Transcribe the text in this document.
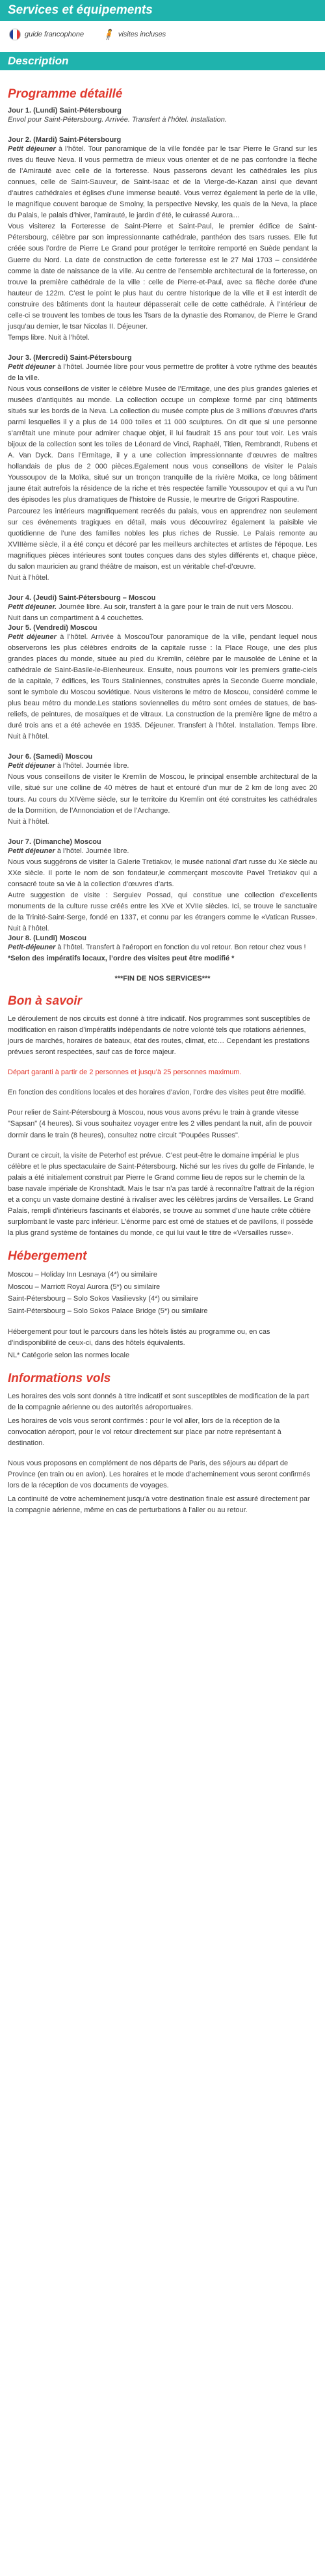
Services et équipements
guide francophone 🧍 visites incluses
Description
Programme détaillé

Jour 1. (Lundi) Saint-Pétersbourg

Envol pour Saint-Pétersbourg. Arrivée. Transfert à l’hôtel. Installation.

Jour 2. (Mardi) Saint-Pétersbourg

Petit déjeuner à l’hôtel. Tour panoramique de la ville fondée par le tsar Pierre le Grand sur les rives du fleuve Neva. Il vous permettra de mieux vous orienter et de ne pas confondre la flèche de l’Amirauté avec celle de la forteresse. Nous passerons devant les cathédrales les plus connues, celle de Saint-Sauveur, de Saint-Isaac et de la Vierge-de-Kazan ainsi que devant d’autres cathédrales et églises d’une immense beauté. Vous verrez également la perle de la ville, le magnifique couvent baroque de Smolny, la perspective Nevsky, les quais de la Neva, la place du Palais, le palais d’hiver, l’amirauté, le jardin d’été, le cuirassé Aurora…

Vous visiterez la Forteresse de Saint-Pierre et Saint-Paul, le premier édifice de Saint-Pétersbourg, célèbre par son impressionnante cathédrale, panthéon des tsars russes. Elle fut créée sous l’ordre de Pierre Le Grand pour protéger le territoire remporté en Suède pendant la Guerre du Nord. La date de construction de cette forteresse est le 27 Mai 1703 – considérée comme la date de naissance de la ville. Au centre de l’ensemble architectural de la forteresse, on trouve la première cathédrale de la ville : celle de Pierre-et-Paul, avec sa flèche dorée d’une hauteur de 122m. C’est le point le plus haut du centre historique de la ville et il est interdit de construire des bâtiments dont la hauteur dépasserait celle de cette cathédrale. À l’intérieur de celle-ci se trouvent les tombes de tous les Tsars de la dynastie des Romanov, de Pierre le Grand jusqu’au dernier, le tsar Nicolas II. Déjeuner.

Temps libre. Nuit à l’hôtel.

Jour 3. (Mercredi) Saint-Pétersbourg

Petit déjeuner à l’hôtel. Journée libre pour vous permettre de profiter à votre rythme des beautés de la ville.

Nous vous conseillons de visiter le célèbre Musée de l’Ermitage, une des plus grandes galeries et musées d’antiquités au monde. La collection occupe un complexe formé par cinq bâtiments situés sur les bords de la Neva. La collection du musée compte plus de 3 millions d’œuvres d’arts parmi lesquelles il y a plus de 14 000 toiles et 11 000 sculptures. On dit que si une personne s’arrêtait une minute pour admirer chaque objet, il lui faudrait 15 ans pour tout voir. Les vrais bijoux de la collection sont les toiles de Léonard de Vinci, Raphaël, Titien, Rembrandt, Rubens et A. Van Dyck. Dans l’Ermitage, il y a une collection impressionnante d’œuvres de maîtres hollandais de plus de 2 000 pièces.Egalement nous vous conseillons de visiter le Palais Youssoupov de la Moïka, situé sur un tronçon tranquille de la rivière Moïka, ce long bâtiment jaune était autrefois la résidence de la riche et très respectée famille Youssoupov et qui a vu l’un des épisodes les plus dramatiques de l’histoire de Russie, le meurtre de Grigori Raspoutine.

Parcourez les intérieurs magnifiquement recréés du palais, vous en apprendrez non seulement sur ces événements tragiques en détail, mais vous découvrirez également la paisible vie quotidienne de l’une des familles nobles les plus riches de Russie. Le Palais remonte au XVIIIème siècle, il a été conçu et décoré par les meilleurs architectes et artistes de l’époque. Les magnifiques pièces intérieures sont toutes conçues dans des styles différents et, chaque pièce, du salon mauricien au grand théâtre de maison, est un véritable chef-d’œuvre.

Nuit à l’hôtel.

Jour 4. (Jeudi) Saint-Pétersbourg – Moscou

Petit déjeuner. Journée libre. Au soir, transfert à la gare pour le train de nuit vers Moscou.

Nuit dans un compartiment à 4 couchettes.

Jour 5. (Vendredi) Moscou

Petit déjeuner à l’hôtel. Arrivée à MoscouTour panoramique de la ville, pendant lequel nous observerons les plus célèbres endroits de la capitale russe : la Place Rouge, une des plus grandes places du monde, située au pied du Kremlin, célèbre par le mausolée de Lénine et la cathédrale de Saint-Basile-le-Bienheureux. Ensuite, nous pourrons voir les premiers gratte-ciels de la capitale, 7 édifices, les Tours Staliniennes, construites après la Seconde Guerre mondiale, sont le symbole du Moscou soviétique. Nous visiterons le métro de Moscou, considéré comme le plus beau métro du monde.Les stations soviennelles du métro sont ornées de statues, de bas-reliefs, de peintures, de mosaïques et de vitraux. La construction de la première ligne de métro a duré trois ans et a été achevée en 1935. Déjeuner. Transfert à l’hôtel. Installation. Temps libre. Nuit à l’hôtel.

Jour 6. (Samedi) Moscou

Petit déjeuner à l’hôtel. Journée libre.

Nous vous conseillons de visiter le Kremlin de Moscou, le principal ensemble architectural de la ville, situé sur une colline de 40 mètres de haut et entouré d’un mur de 2 km de long avec 20 tours. Au cours du XIVème siècle, sur le territoire du Kremlin ont été construites les cathédrales de la Dormition, de l’Annonciation et de l’Archange.

Nuit à l’hôtel.

Jour 7. (Dimanche) Moscou

Petit déjeuner à l’hôtel. Journée libre.

Nous vous suggérons de visiter la Galerie Tretiakov, le musée national d’art russe du Xe siècle au XXe siècle. Il porte le nom de son fondateur,le commerçant moscovite Pavel Tretiakov qui a consacré toute sa vie à la collection d’œuvres d’arts.

Autre suggestion de visite : Serguiev Possad, qui constitue une collection d’excellents monuments de la culture russe créés entre les XVe et XVIIe siècles. Ici, se trouve le sanctuaire de la Trinité-Saint-Serge, fondé en 1337, et connu par les étrangers comme le «Vatican Russe». Nuit à l’hôtel.

Jour 8. (Lundi) Moscou

Petit-déjeuner à l’hôtel. Transfert à l’aéroport en fonction du vol retour. Bon retour chez vous !

*Selon des impératifs locaux, l’ordre des visites peut être modifié *

***FIN DE NOS SERVICES***

Bon à savoir

Le déroulement de nos circuits est donné à titre indicatif. Nos programmes sont susceptibles de modification en raison d’impératifs indépendants de notre volonté tels que rotations aériennes, jours de marchés, horaires de bateaux, état des routes, climat, etc… Cependant les prestations prévues seront respectées, sauf cas de force majeur.

Départ garanti à partir de 2 personnes et jusqu’à 25 personnes maximum.

En fonction des conditions locales et des horaires d’avion, l’ordre des visites peut être modifié.

Pour relier de Saint-Pétersbourg à Moscou, nous vous avons prévu le train à grande vitesse "Sapsan" (4 heures). Si vous souhaitez voyager entre les 2 villes pendant la nuit, afin de pouvoir dormir dans le train (8 heures), consultez notre circuit "Poupées Russes".

Durant ce circuit, la visite de Peterhof est prévue. C’est peut-être le domaine impérial le plus célèbre et le plus spectaculaire de Saint-Pétersbourg. Niché sur les rives du golfe de Finlande, le palais a été initialement construit par Pierre le Grand comme lieu de repos sur le chemin de la base navale impériale de Kronshtadt. Mais le tsar n’a pas tardé à reconnaître l’attrait de la région et a conçu un vaste domaine destiné à rivaliser avec les célèbres jardins de Versailles. Le Grand Palais, rempli d’intérieurs fascinants et élaborés, se trouve au sommet d’une haute crête côtière surplombant le vaste parc inférieur. L’énorme parc est orné de statues et de pavillons, il possède la plus grand système de fontaines du monde, ce qui lui vaut le titre de «Versailles russe».

Hébergement

Moscou – Holiday Inn Lesnaya (4*) ou similaire

Moscou – Marriott Royal Aurora (5*) ou similaire

Saint-Pétersbourg – Solo Sokos Vasilievsky (4*) ou similaire

Saint-Pétersbourg – Solo Sokos Palace Bridge (5*) ou similaire

Hébergement pour tout le parcours dans les hôtels listés au programme ou, en cas d’indisponibilité de ceux-ci, dans des hôtels équivalents.

NL* Catégorie selon las normes locale

Informations vols

Les horaires des vols sont donnés à titre indicatif et sont susceptibles de modification de la part de la compagnie aérienne ou des autorités aéroportuaires.

Les horaires de vols vous seront confirmés : pour le vol aller, lors de la réception de la convocation aéroport, pour le vol retour directement sur place par notre représentant à destination.

Nous vous proposons en complément de nos départs de Paris, des séjours au départ de Province (en train ou en avion). Les horaires et le mode d’acheminement vous seront confirmés lors de la réception de vos documents de voyages.

La continuité de votre acheminement jusqu’à votre destination finale est assuré directement par la compagnie aérienne, même en cas de perturbations à l’aller ou au retour.
